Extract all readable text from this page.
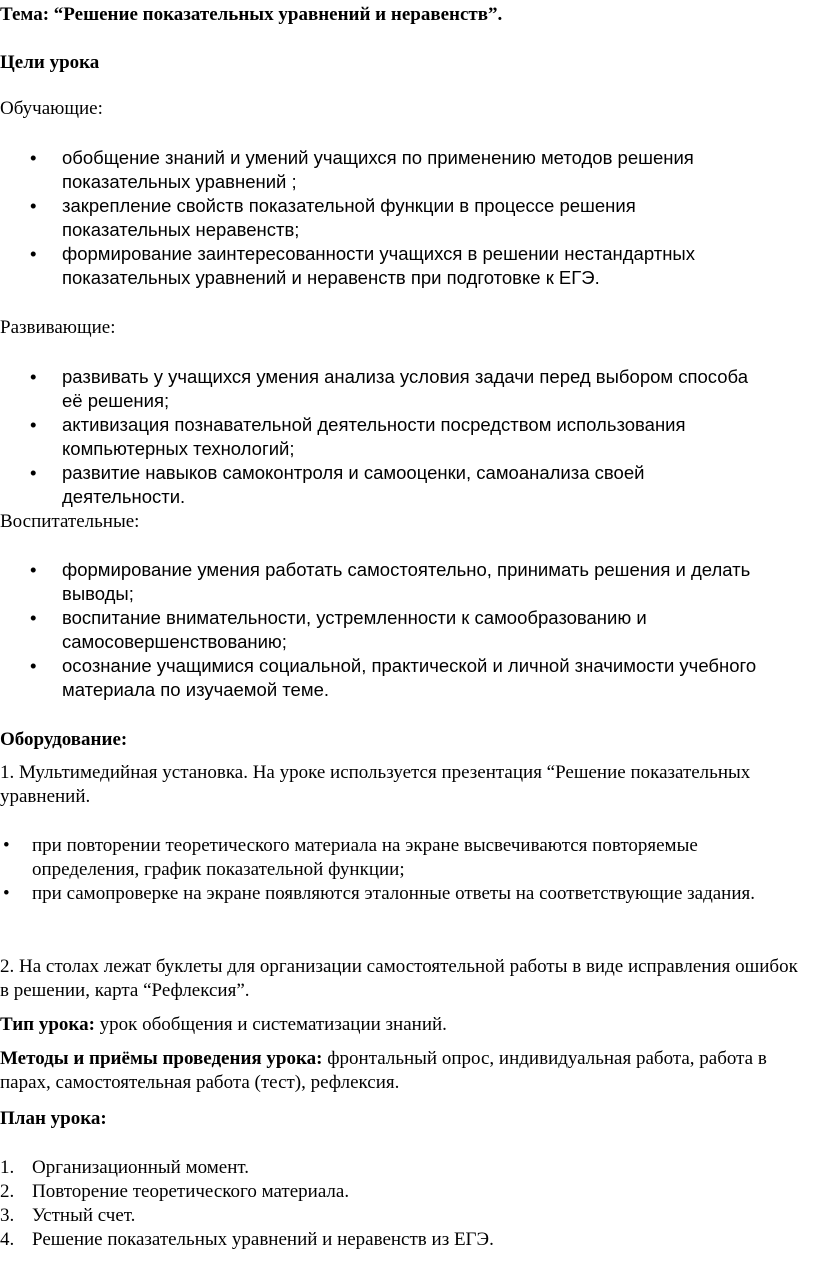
Тема: “Решение показательных уравнений и неравенств”.

Цели урока

Обучающие:

• обобщение знаний и умений учащихся по применению методов решения показательных уравнений ;
• закрепление свойств показательной функции в процессе решения показательных неравенств;
• формирование заинтересованности учащихся в решении нестандартных показательных уравнений и неравенств при подготовке к ЕГЭ.

Развивающие:

• развивать у учащихся умения анализа условия задачи перед выбором способа её решения;
• активизация познавательной деятельности посредством использования компьютерных технологий;
• развитие навыков самоконтроля и самооценки, самоанализа своей деятельности.

Воспитательные:

• формирование умения работать самостоятельно, принимать решения и делать выводы;
• воспитание внимательности, устремленности к самообразованию и самосовершенствованию;
• осознание учащимися социальной, практической и личной значимости учебного материала по изучаемой теме.

Оборудование:

1. Мультимедийная установка. На уроке используется презентация “Решение показательных уравнений.

• при повторении теоретического материала на экране высвечиваются повторяемые определения, график показательной функции;
• при самопроверке на экране появляются эталонные ответы на соответствующие задания.

2. На столах лежат буклеты для организации самостоятельной работы в виде исправления ошибок в решении, карта “Рефлексия”.

Тип урока: урок обобщения и систематизации знаний.

Методы и приёмы проведения урока: фронтальный опрос, индивидуальная работа, работа в парах, самостоятельная работа (тест), рефлексия.

План урока:

1. Организационный момент.
2. Повторение теоретического материала.
3. Устный счет.
4. Решение показательных уравнений и неравенств из ЕГЭ.
